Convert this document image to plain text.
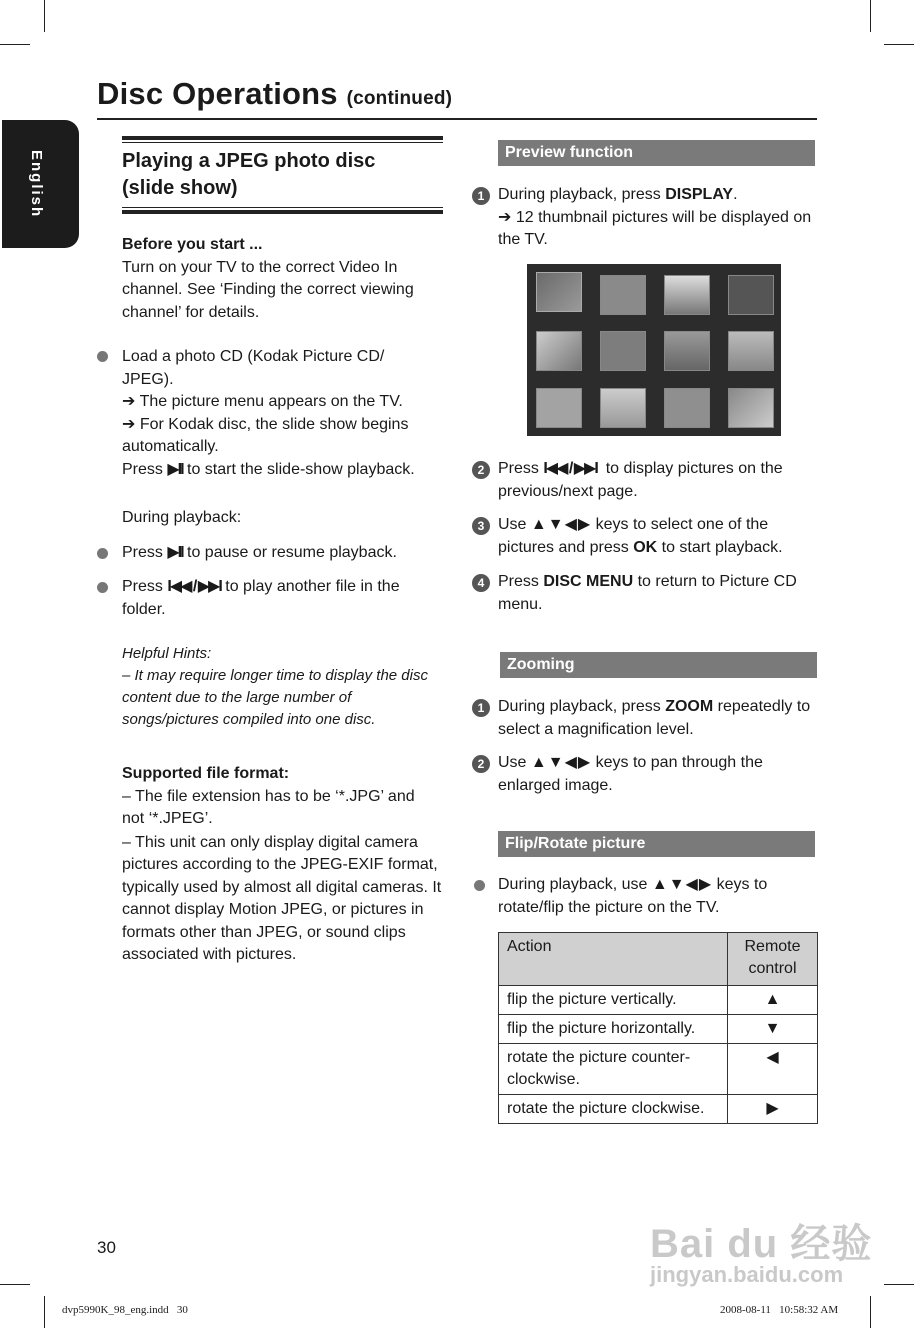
Disc Operations (continued)
English	Playing a JPEG photo disc (slide show)
Before you start ...
Turn on your TV to the correct Video In channel. See ‘Finding the correct viewing channel’ for details.
Load a photo CD (Kodak Picture CD/ JPEG).
➔ The picture menu appears on the TV.
➔ For Kodak disc, the slide show begins automatically.
Press ▶II to start the slide-show playback.
During playback:
Press ▶II to pause or resume playback.
Press I◀◀ / ▶▶I to play another file in the folder.
Helpful Hints:
– It may require longer time to display the disc content due to the large number of songs/pictures compiled into one disc.
Supported file format:
– The file extension has to be ‘*.JPG’ and not ‘*.JPEG’.
– This unit can only display digital camera pictures according to the JPEG-EXIF format, typically used by almost all digital cameras. It cannot display Motion JPEG, or pictures in formats other than JPEG, or sound clips associated with pictures.
Preview function
1 During playback, press DISPLAY.
➔ 12 thumbnail pictures will be displayed on the TV.
2 Press I◀◀ / ▶▶I to display pictures on the previous/next page.
3 Use ▲▼◀▶ keys to select one of the pictures and press OK to start playback.
4 Press DISC MENU to return to Picture CD menu.
Zooming
1 During playback, press ZOOM repeatedly to select a magnification level.
2 Use ▲▼◀▶ keys to pan through the enlarged image.
Flip/Rotate picture
During playback, use ▲▼◀▶ keys to rotate/flip the picture on the TV.
Action	Remote control
flip the picture vertically.	▲
flip the picture horizontally.	▼
rotate the picture counter-clockwise.	◀
rotate the picture clockwise.	▶
30
dvp5990K_98_eng.indd   30	2008-08-11   10:58:32 AM
Bai du 经验
jingyan.baidu.com
